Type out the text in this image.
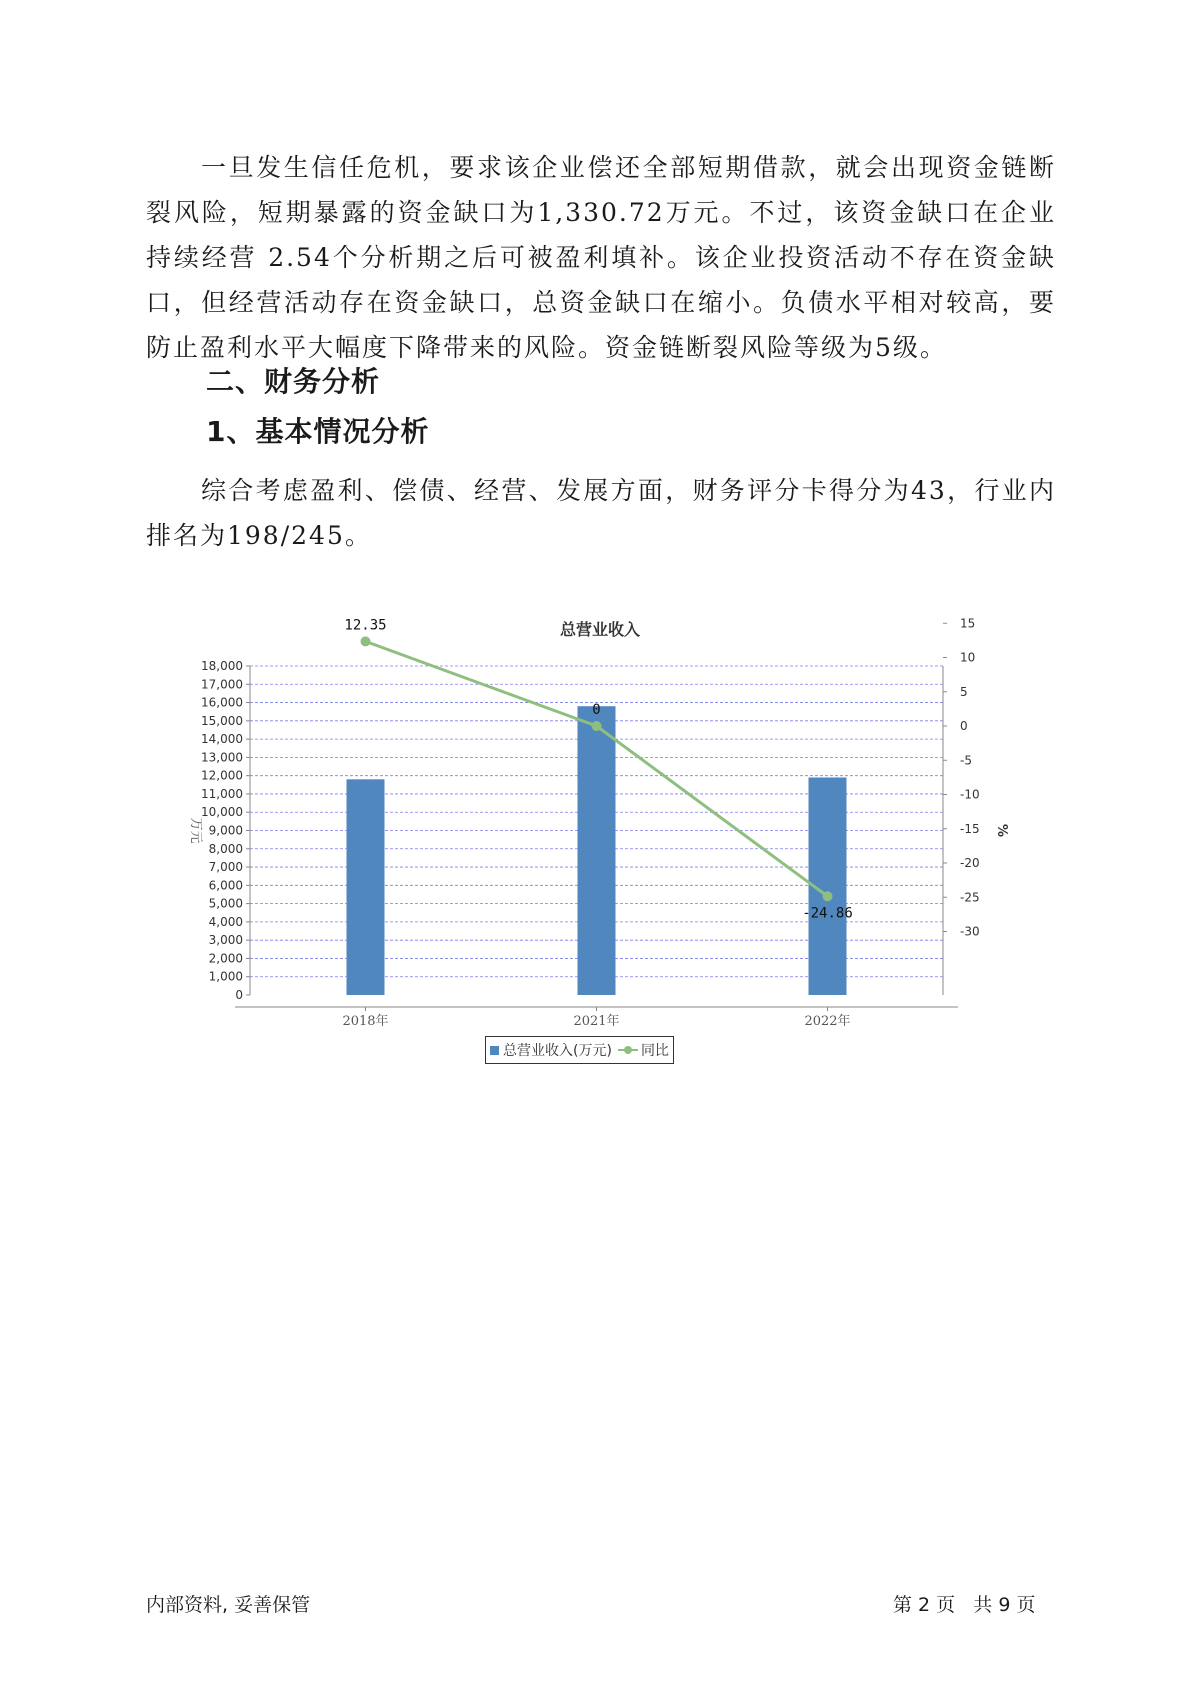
一旦发生信任危机，要求该企业偿还全部短期借款，就会出现资金链断裂风险，短期暴露的资金缺口为1,330.72万元。不过，该资金缺口在企业持续经营 2.54个分析期之后可被盈利填补。该企业投资活动不存在资金缺口，但经营活动存在资金缺口，总资金缺口在缩小。负债水平相对较高，要防止盈利水平大幅度下降带来的风险。资金链断裂风险等级为5级。

二、财务分析
1、基本情况分析

综合考虑盈利、偿债、经营、发展方面，财务评分卡得分为43，行业内排名为198/245。

总营业收入
万元	%
0
1,000
2,000
3,000
4,000
5,000
6,000
7,000
8,000
9,000
10,000
11,000
12,000
13,000
14,000
15,000
16,000
17,000
18,000
15
10
5
0
-5
-10
-15
-20
-25
-30
2018年	2021年	2022年
12.35
0
-24.86
总营业收入(万元) 同比
内部资料, 妥善保管	第 2 页   共 9 页
